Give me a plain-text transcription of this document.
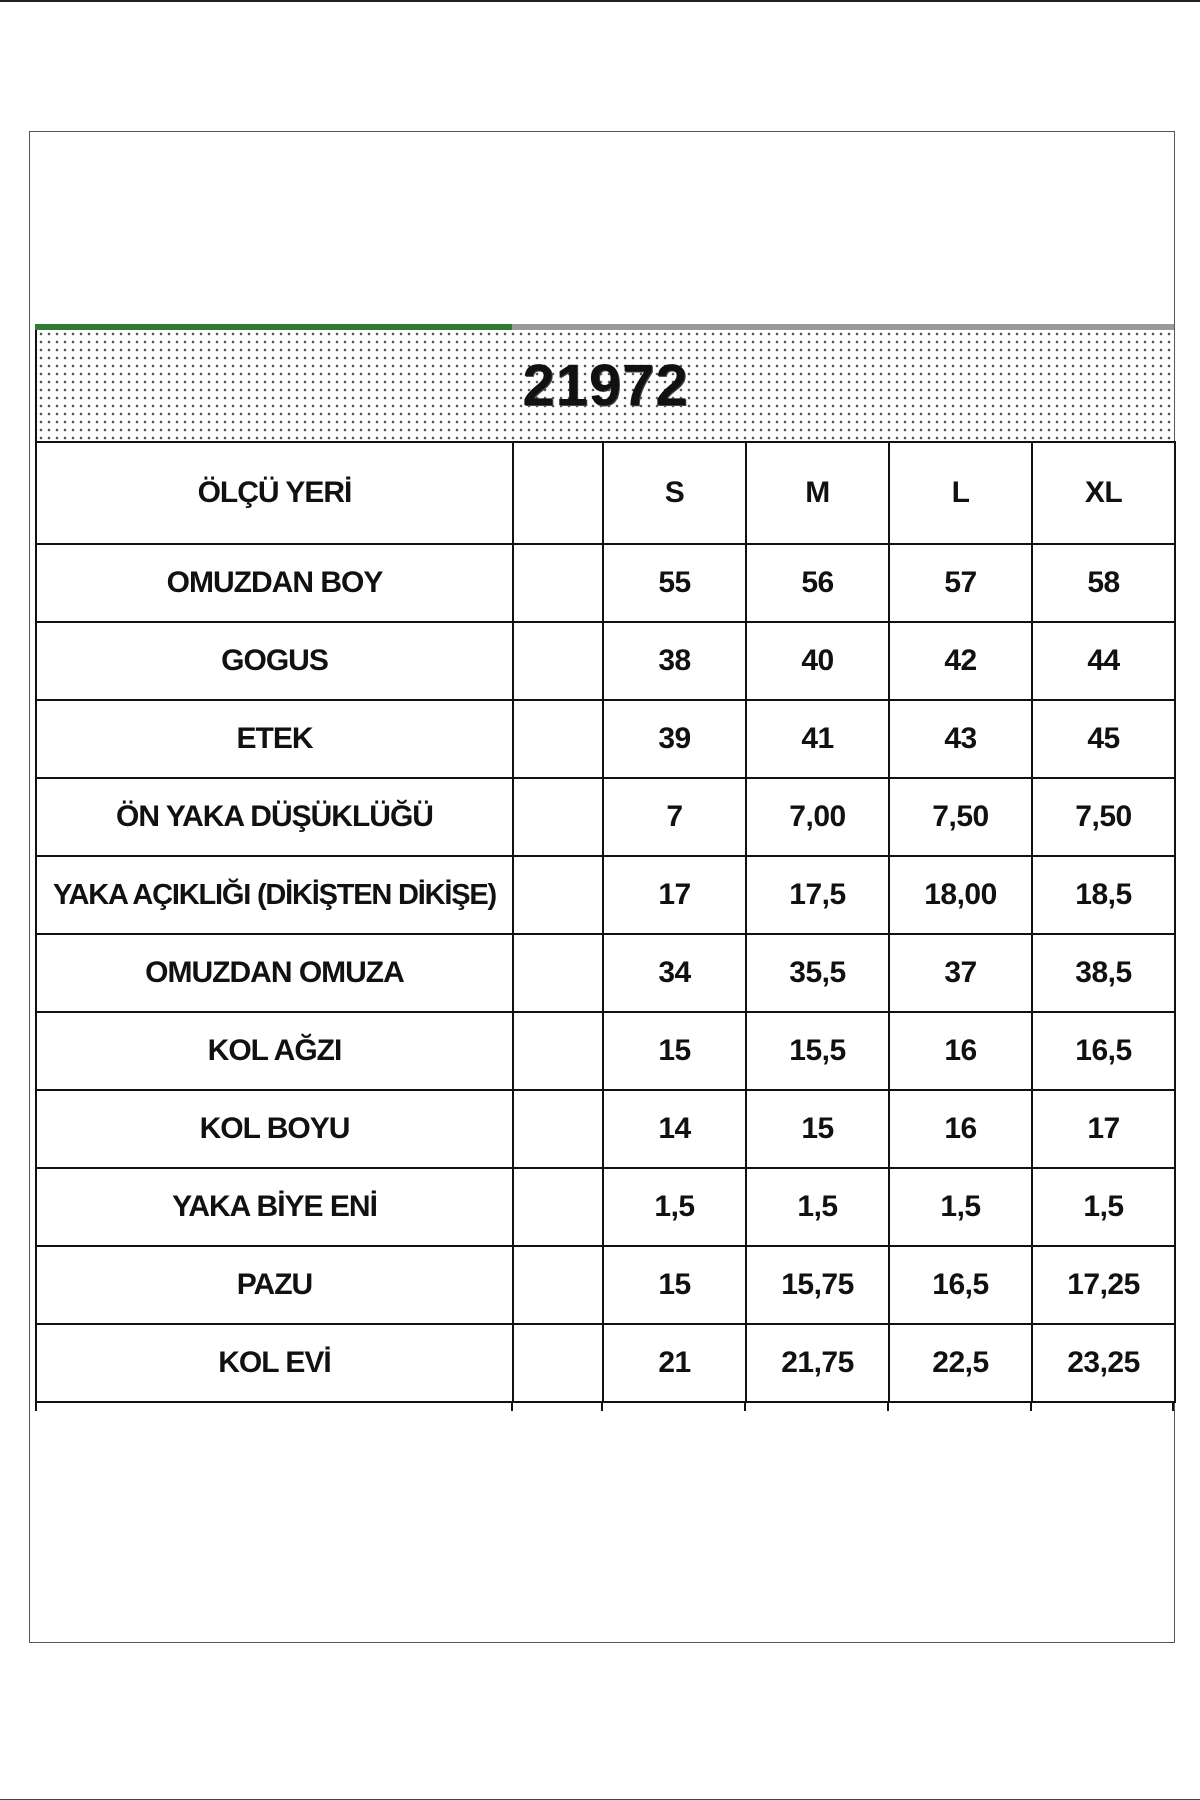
21972
ÖLÇÜ YERİ		S	M	L	XL
OMUZDAN BOY		55	56	57	58
GOGUS		38	40	42	44
ETEK		39	41	43	45
ÖN YAKA DÜŞÜKLÜĞÜ		7	7,00	7,50	7,50
YAKA AÇIKLIĞI (DİKİŞTEN DİKİŞE)		17	17,5	18,00	18,5
OMUZDAN OMUZA		34	35,5	37	38,5
KOL AĞZI		15	15,5	16	16,5
KOL BOYU		14	15	16	17
YAKA BİYE ENİ		1,5	1,5	1,5	1,5
PAZU		15	15,75	16,5	17,25
KOL EVİ		21	21,75	22,5	23,25
